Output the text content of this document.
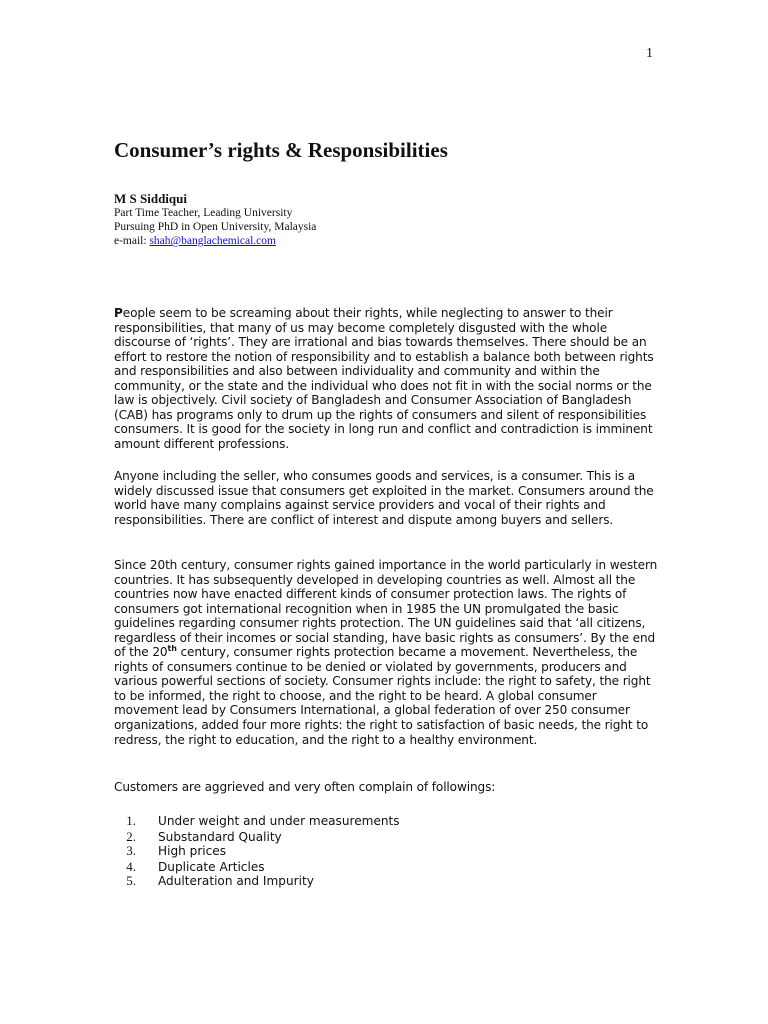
1
Consumer’s rights & Responsibilities
M S Siddiqui
Part Time Teacher, Leading University
Pursuing PhD in Open University, Malaysia
e-mail: shah@banglachemical.com

People seem to be screaming about their rights, while neglecting to answer to their responsibilities, that many of us may become completely disgusted with the whole discourse of ‘rights’. They are irrational and bias towards themselves. There should be an effort to restore the notion of responsibility and to establish a balance both between rights and responsibilities and also between individuality and community and within the community, or the state and the individual who does not fit in with the social norms or the law is objectively. Civil society of Bangladesh and Consumer Association of Bangladesh (CAB) has programs only to drum up the rights of consumers and silent of responsibilities consumers. It is good for the society in long run and conflict and contradiction is imminent amount different professions.

Anyone including the seller, who consumes goods and services, is a consumer. This is a widely discussed issue that consumers get exploited in the market. Consumers around the world have many complains against service providers and vocal of their rights and responsibilities. There are conflict of interest and dispute among buyers and sellers.

Since 20th century, consumer rights gained importance in the world particularly in western countries. It has subsequently developed in developing countries as well. Almost all the countries now have enacted different kinds of consumer protection laws. The rights of consumers got international recognition when in 1985 the UN promulgated the basic guidelines regarding consumer rights protection. The UN guidelines said that ‘all citizens, regardless of their incomes or social standing, have basic rights as consumers’. By the end of the 20th century, consumer rights protection became a movement. Nevertheless, the rights of consumers continue to be denied or violated by governments, producers and various powerful sections of society. Consumer rights include: the right to safety, the right to be informed, the right to choose, and the right to be heard. A global consumer movement lead by Consumers International, a global federation of over 250 consumer organizations, added four more rights: the right to satisfaction of basic needs, the right to redress, the right to education, and the right to a healthy environment.

Customers are aggrieved and very often complain of followings:

1. Under weight and under measurements
2. Substandard Quality
3. High prices
4. Duplicate Articles
5. Adulteration and Impurity
